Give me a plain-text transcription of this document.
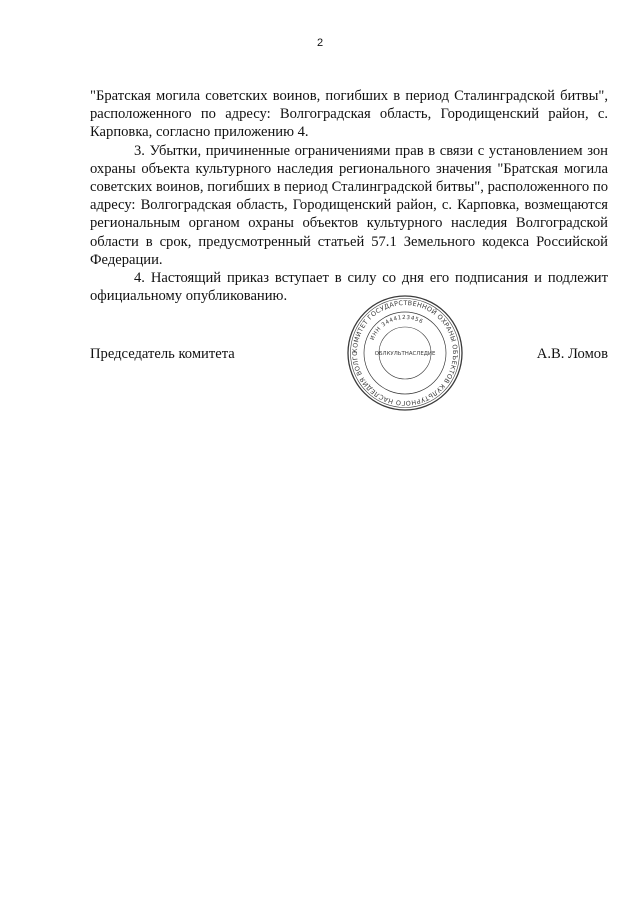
2

"Братская могила советских воинов, погибших в период Сталинградской битвы", расположенного по адресу: Волгоградская область, Городищенский район, с. Карповка, согласно приложению 4.

3. Убытки, причиненные ограничениями прав в связи с установлением зон охраны объекта культурного наследия регионального значения "Братская могила советских воинов, погибших в период Сталинградской битвы", расположенного по адресу: Волгоградская область, Городищенский район, с. Карповка, возмещаются региональным органом охраны объектов культурного наследия Волгоградской области в срок, предусмотренный статьей 57.1 Земельного кодекса Российской Федерации.

4. Настоящий приказ вступает в силу со дня его подписания и подлежит официальному опубликованию.

Председатель комитета	А.В. Ломов
КОМИТЕТ ГОСУДАРСТВЕННОЙ ОХРАНЫ ОБЪЕКТОВ КУЛЬТУРНОГО НАСЛЕДИЯ ВОЛГО
ИНН 3444123456
ОБЛКУЛЬТНАСЛЕДИЕ
